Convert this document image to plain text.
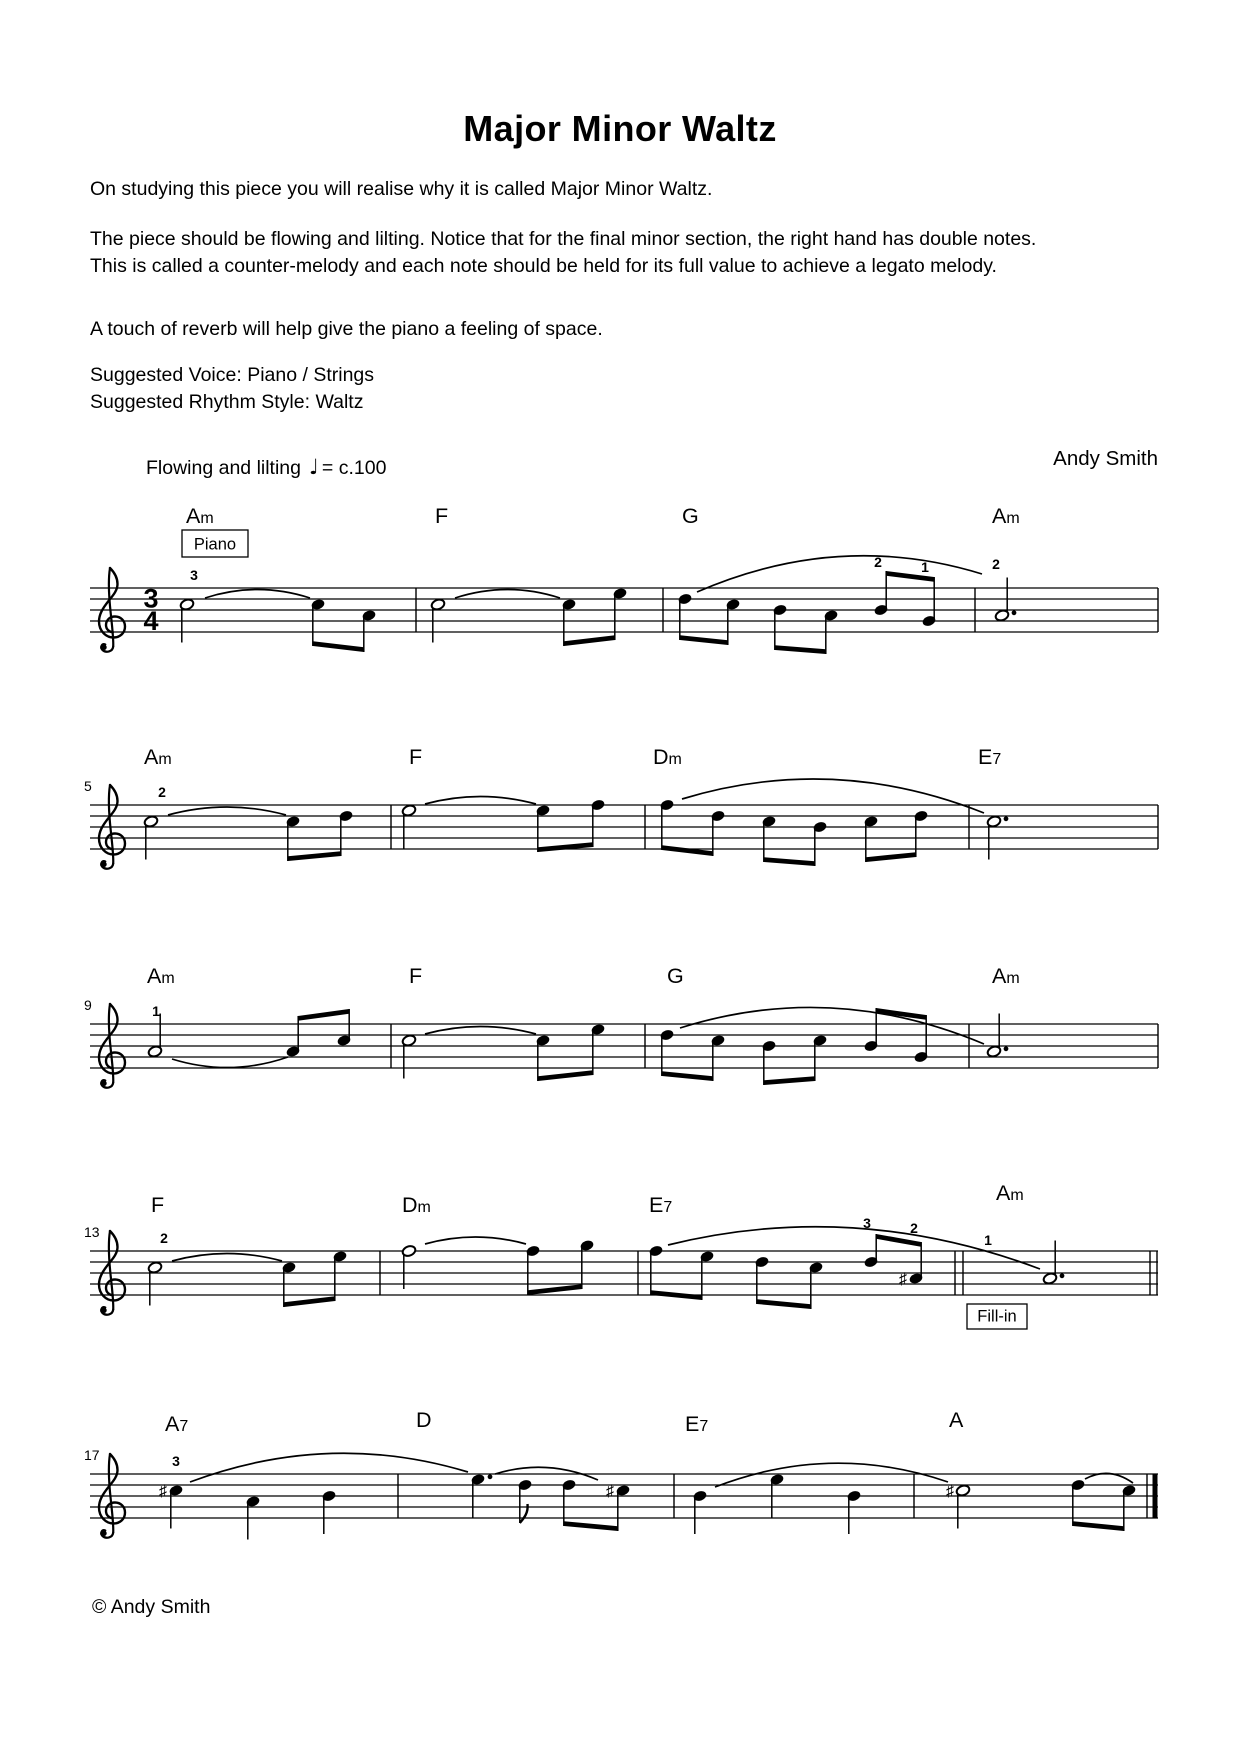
Major Minor Waltz
On studying this piece you will realise why it is called Major Minor Waltz.
The piece should be flowing and lilting. Notice that for the final minor section, the right hand has double notes.
This is called a counter-melody and each note should be held for its full value to achieve a legato melody.
A touch of reverb will help give the piano a feeling of space.
Suggested Voice: Piano / Strings
Suggested Rhythm Style: Waltz
Flowing and lilting ♩ = c.100	Andy Smith
3
4
Am	F	G	Am
3
2	1	2
Piano
Am	F	Dm	E7
2
5
Am	F	G	Am
1
9
♯
F	Dm	E7
Am
2
3	2
1
13
Fill-in
♯	♯	♯
A7	D	E7	A
3
17
© Andy Smith
